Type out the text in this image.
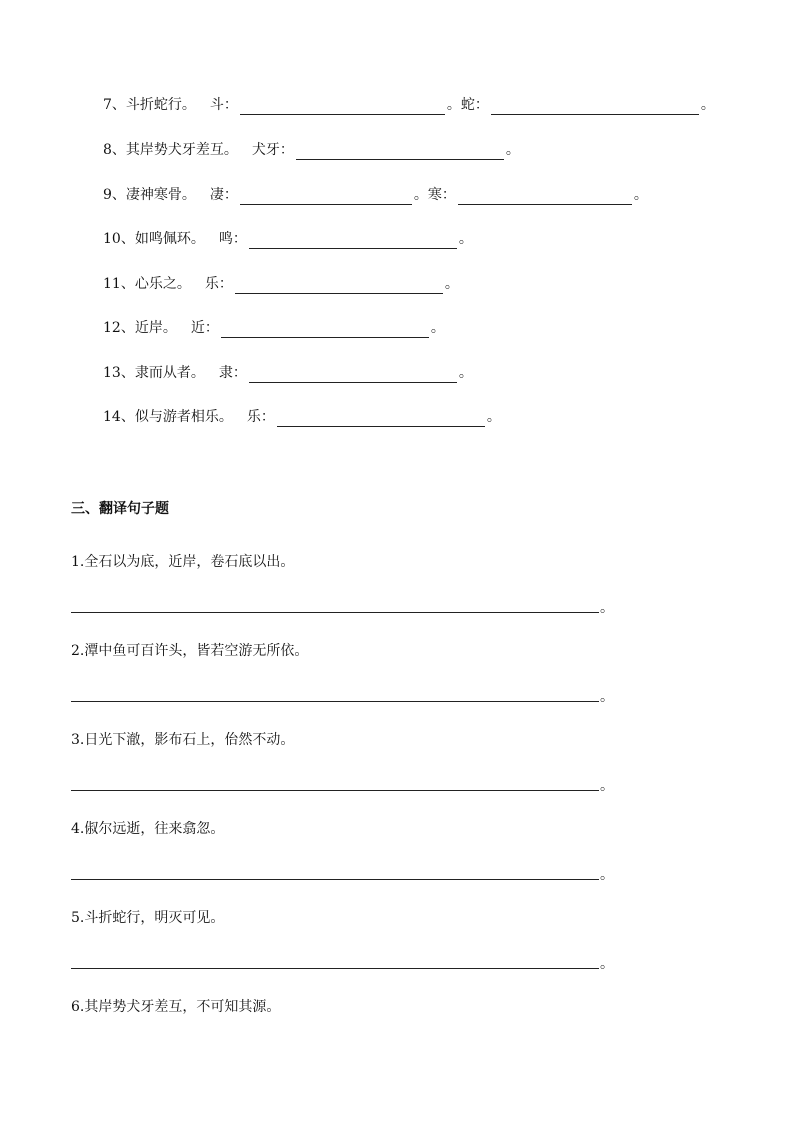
7、 斗折蛇行。 斗：	。 蛇：	。
8、 其岸势犬牙差互。 犬牙：	。
9、 凄神寒骨。 凄：	。 寒：	。
10、 如鸣佩环。 鸣：	。
11、 心乐之。 乐：	。
12、 近岸。 近：	。
13、 隶而从者。 隶：	。
14、 似与游者相乐。 乐：	。
三、翻译句子题
1.全石以为底，近岸，卷石底以出。
。
2.潭中鱼可百许头，皆若空游无所依。
。
3.日光下澈，影布石上，佁然不动。
。
4.俶尔远逝，往来翕忽。
。
5.斗折蛇行，明灭可见。
。
6.其岸势犬牙差互，不可知其源。
